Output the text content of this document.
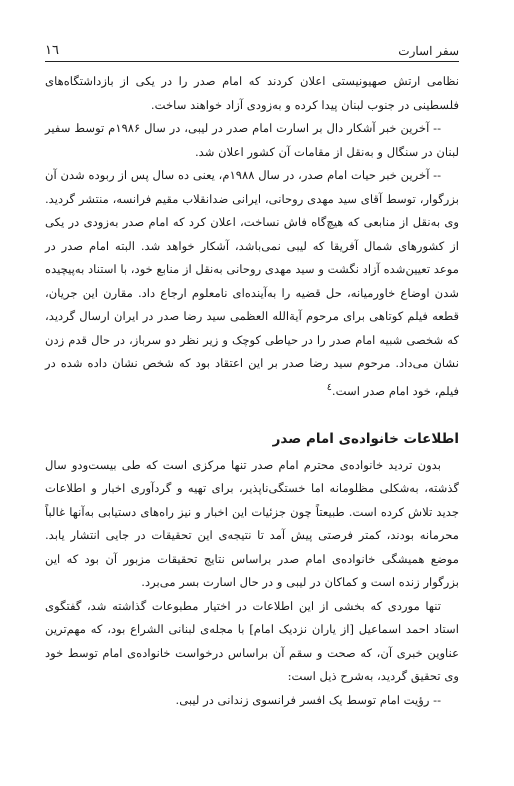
١٦	سفر اسارت

نظامی ارتش صهیونیستی اعلان کردند که امام صدر را در یکی از بازداشتگاه‌های فلسطینی در جنوب لبنان پیدا کرده و به‌زودی آزاد خواهند ساخت.

-- آخرین خبر آشکار دال بر اسارت امام صدر در لیبی، در سال ۱۹۸۶م توسط سفیر لبنان در سنگال و به‌نقل از مقامات آن کشور اعلان شد.

-- آخرین خبر حیات امام صدر، در سال ۱۹۸۸م، یعنی ده سال پس از ربوده شدن آن بزرگوار، توسط آقای سید مهدی روحانی، ایرانی ضدانقلاب مقیم فرانسه، منتشر گردید. وی به‌نقل از منابعی که هیچ‌گاه فاش نساخت، اعلان کرد که امام صدر به‌زودی در یکی از کشورهای شمال آفریقا که لیبی نمی‌باشد، آشکار خواهد شد. البته امام صدر در موعد تعیین‌شده آزاد نگشت و سید مهدی روحانی به‌نقل از منابع خود، با استناد به‌پیچیده شدن اوضاع خاورمیانه، حل قضیه را به‌آینده‌ای نامعلوم ارجاع داد. مقارن این جریان، قطعه فیلم کوتاهی برای مرحوم آیةالله العظمی سید رضا صدر در ایران ارسال گردید، که شخصی شبیه امام صدر را در حیاطی کوچک و زیر نظر دو سرباز، در حال قدم زدن نشان می‌داد. مرحوم سید رضا صدر بر این اعتقاد بود که شخص نشان داده شده در فیلم، خود امام صدر است.$^٤$

اطلاعات خانواده‌ی امام صدر

بدون تردید خانواده‌ی محترم امام صدر تنها مرکزی است که طی بیست‌ودو سال گذشته، به‌شکلی مظلومانه اما خستگی‌ناپذیر، برای تهیه و گردآوری اخبار و اطلاعات جدید تلاش کرده است. طبیعتاً چون جزئیات این اخبار و نیز راه‌های دستیابی به‌آنها غالباً محرمانه بودند، کمتر فرصتی پیش آمد تا نتیجه‌ی این تحقیقات در جایی انتشار یابد. موضع همیشگی خانواده‌ی امام صدر براساس نتایج تحقیقات مزبور آن بود که این بزرگوار زنده است و کماکان در لیبی و در حال اسارت بسر می‌برد.

تنها موردی که بخشی از این اطلاعات در اختیار مطبوعات گذاشته شد، گفتگوی استاد احمد اسماعیل [از یاران نزدیک امام] با مجله‌ی لبنانی الشراع بود، که مهم‌ترین عناوین خبری آن، که صحت و سقم آن براساس درخواست خانواده‌ی امام توسط خود وی تحقیق گردید، به‌شرح ذیل است:

-- رؤیت امام توسط یک افسر فرانسوی زندانی در لیبی.
